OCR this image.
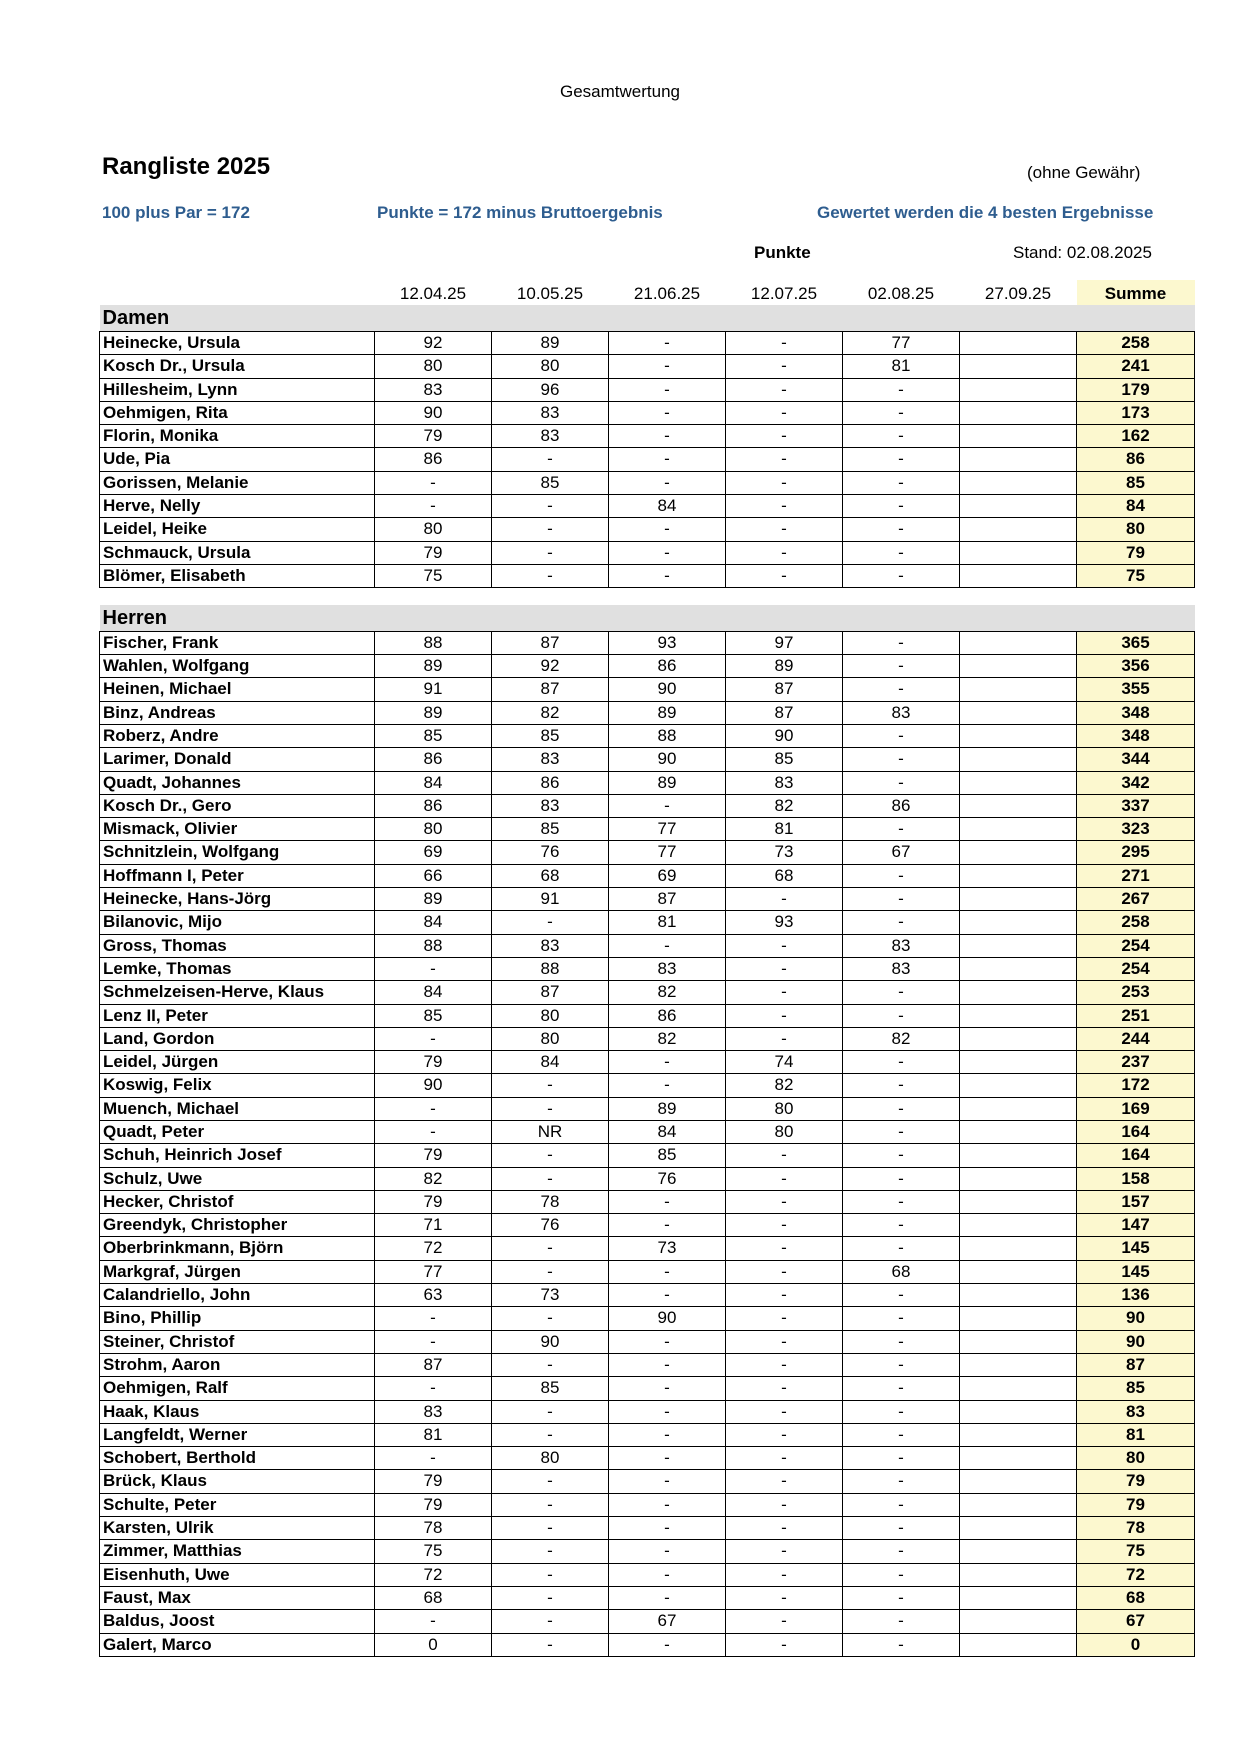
Gesamtwertung
Rangliste 2025	(ohne Gewähr)
100 plus Par = 172	Punkte = 172 minus Bruttoergebnis	Gewertet werden die 4 besten Ergebnisse
Punkte	Stand: 02.08.2025
	12.04.25	10.05.25	21.06.25	12.07.25	02.08.25	27.09.25	Summe
Damen							
Heinecke, Ursula	92	89	-	-	77		258
Kosch Dr., Ursula	80	80	-	-	81		241
Hillesheim, Lynn	83	96	-	-	-		179
Oehmigen, Rita	90	83	-	-	-		173
Florin, Monika	79	83	-	-	-		162
Ude, Pia	86	-	-	-	-		86
Gorissen, Melanie	-	85	-	-	-		85
Herve, Nelly	-	-	84	-	-		84
Leidel, Heike	80	-	-	-	-		80
Schmauck, Ursula	79	-	-	-	-		79
Blömer, Elisabeth	75	-	-	-	-		75

Herren							
Fischer, Frank	88	87	93	97	-		365
Wahlen, Wolfgang	89	92	86	89	-		356
Heinen, Michael	91	87	90	87	-		355
Binz, Andreas	89	82	89	87	83		348
Roberz, Andre	85	85	88	90	-		348
Larimer, Donald	86	83	90	85	-		344
Quadt, Johannes	84	86	89	83	-		342
Kosch Dr., Gero	86	83	-	82	86		337
Mismack, Olivier	80	85	77	81	-		323
Schnitzlein, Wolfgang	69	76	77	73	67		295
Hoffmann I, Peter	66	68	69	68	-		271
Heinecke, Hans-Jörg	89	91	87	-	-		267
Bilanovic, Mijo	84	-	81	93	-		258
Gross, Thomas	88	83	-	-	83		254
Lemke, Thomas	-	88	83	-	83		254
Schmelzeisen-Herve, Klaus	84	87	82	-	-		253
Lenz II, Peter	85	80	86	-	-		251
Land, Gordon	-	80	82	-	82		244
Leidel, Jürgen	79	84	-	74	-		237
Koswig, Felix	90	-	-	82	-		172
Muench, Michael	-	-	89	80	-		169
Quadt, Peter	-	NR	84	80	-		164
Schuh, Heinrich Josef	79	-	85	-	-		164
Schulz, Uwe	82	-	76	-	-		158
Hecker, Christof	79	78	-	-	-		157
Greendyk, Christopher	71	76	-	-	-		147
Oberbrinkmann, Björn	72	-	73	-	-		145
Markgraf, Jürgen	77	-	-	-	68		145
Calandriello, John	63	73	-	-	-		136
Bino, Phillip	-	-	90	-	-		90
Steiner, Christof	-	90	-	-	-		90
Strohm, Aaron	87	-	-	-	-		87
Oehmigen, Ralf	-	85	-	-	-		85
Haak, Klaus	83	-	-	-	-		83
Langfeldt, Werner	81	-	-	-	-		81
Schobert, Berthold	-	80	-	-	-		80
Brück, Klaus	79	-	-	-	-		79
Schulte, Peter	79	-	-	-	-		79
Karsten, Ulrik	78	-	-	-	-		78
Zimmer, Matthias	75	-	-	-	-		75
Eisenhuth, Uwe	72	-	-	-	-		72
Faust, Max	68	-	-	-	-		68
Baldus, Joost	-	-	67	-	-		67
Galert, Marco	0	-	-	-	-		0
